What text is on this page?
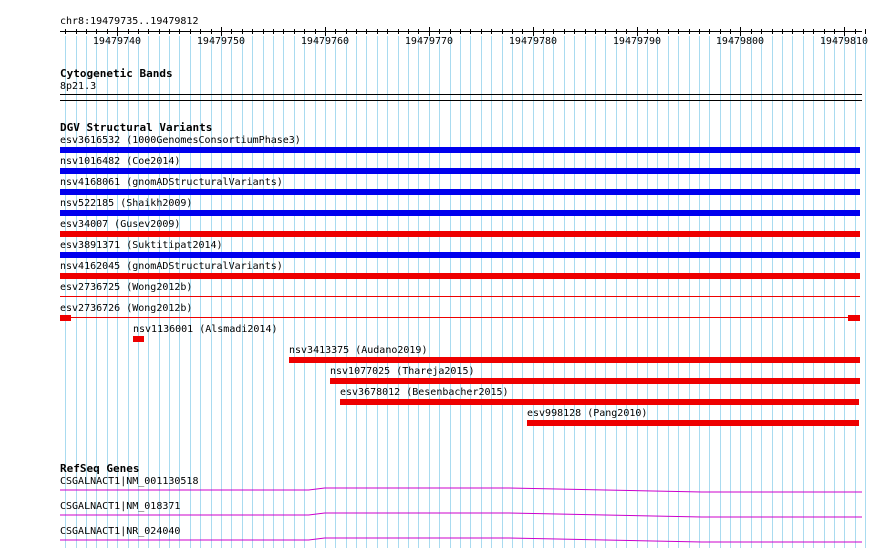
chr8:19479735..19479812
19479740	19479750	19479760	19479770	19479780	19479790	19479800	19479810
Cytogenetic Bands
8p21.3
DGV Structural Variants
esv3616532 (1000GenomesConsortiumPhase3)
nsv1016482 (Coe2014)
nsv4168061 (gnomADStructuralVariants)
nsv522185 (Shaikh2009)
esv34007 (Gusev2009)
esv3891371 (Suktitipat2014)
nsv4162045 (gnomADStructuralVariants)
esv2736725 (Wong2012b)
esv2736726 (Wong2012b)
nsv1136001 (Alsmadi2014)
nsv3413375 (Audano2019)
nsv1077025 (Thareja2015)
esv3678012 (Besenbacher2015)
esv998128 (Pang2010)
RefSeq Genes
CSGALNACT1|NM_001130518
CSGALNACT1|NM_018371
CSGALNACT1|NR_024040
